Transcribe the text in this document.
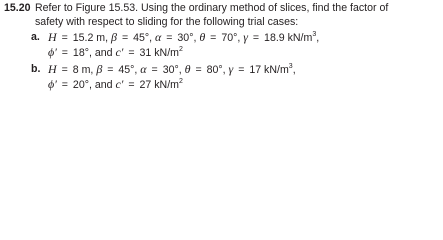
15.20 Refer to Figure 15.53. Using the ordinary method of slices, find the factor of
safety with respect to sliding for the following trial cases:
a. H = 15.2 m, β = 45°, α = 30°, θ = 70°, γ = 18.9 $kN/m^3$,
ϕ′ = 18°, and c′ = 31 $kN/m^2$
b. H = 8 m, β = 45°, α = 30°, θ = 80°, γ = 17 $kN/m^3$,
ϕ′ = 20°, and c′ = 27 $kN/m^2$
